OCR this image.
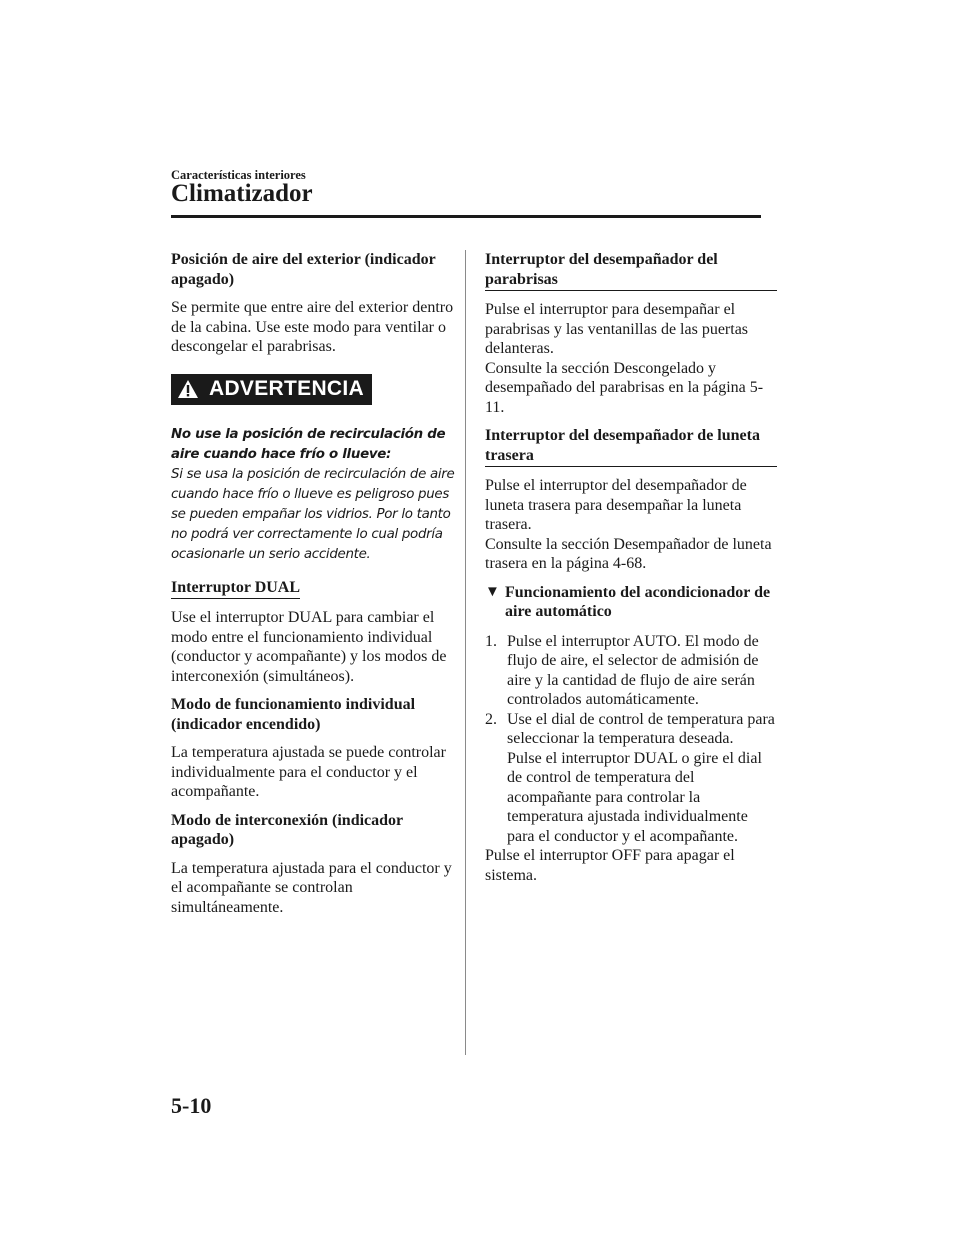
Características interiores

Climatizador

Posición de aire del exterior (indicador apagado)

Se permite que entre aire del exterior dentro de la cabina. Use este modo para ventilar o descongelar el parabrisas.

ADVERTENCIA

No use la posición de recirculación de aire cuando hace frío o llueve:

Si se usa la posición de recirculación de aire cuando hace frío o llueve es peligroso pues se pueden empañar los vidrios. Por lo tanto no podrá ver correctamente lo cual podría ocasionarle un serio accidente.

Interruptor DUAL

Use el interruptor DUAL para cambiar el modo entre el funcionamiento individual (conductor y acompañante) y los modos de interconexión (simultáneos).

Modo de funcionamiento individual (indicador encendido)

La temperatura ajustada se puede controlar individualmente para el conductor y el acompañante.

Modo de interconexión (indicador apagado)

La temperatura ajustada para el conductor y el acompañante se controlan simultáneamente.

Interruptor del desempañador del parabrisas

Pulse el interruptor para desempañar el parabrisas y las ventanillas de las puertas delanteras.

Consulte la sección Descongelado y desempañado del parabrisas en la página 5-11.

Interruptor del desempañador de luneta trasera

Pulse el interruptor del desempañador de luneta trasera para desempañar la luneta trasera.

Consulte la sección Desempañador de luneta trasera en la página 4-68.

▼ Funcionamiento del acondicionador de aire automático
1. Pulse el interruptor AUTO. El modo de flujo de aire, el selector de admisión de aire y la cantidad de flujo de aire serán controlados automáticamente.
2. Use el dial de control de temperatura para seleccionar la temperatura deseada.
Pulse el interruptor DUAL o gire el dial de control de temperatura del acompañante para controlar la temperatura ajustada individualmente para el conductor y el acompañante.

Pulse el interruptor OFF para apagar el sistema.

5-10
